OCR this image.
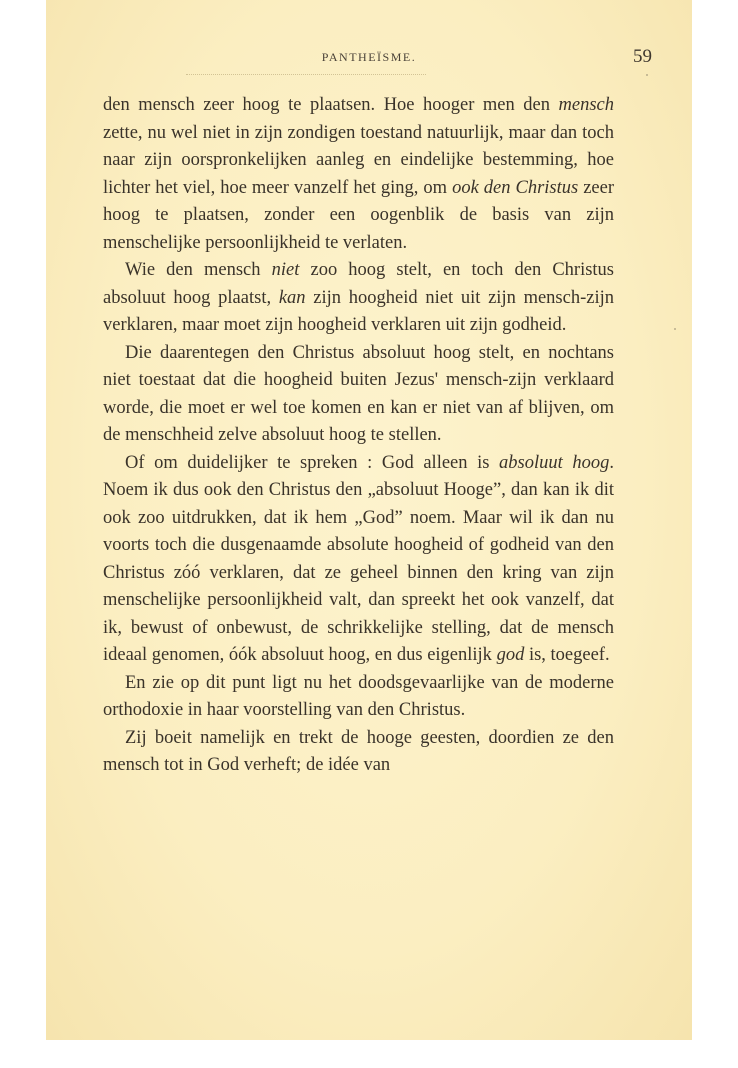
PANTHEÏSME.	59

den mensch zeer hoog te plaatsen. Hoe hooger men den mensch zette, nu wel niet in zijn zondigen toestand natuurlijk, maar dan toch naar zijn oorspronkelijken aanleg en eindelijke bestemming, hoe lichter het viel, hoe meer vanzelf het ging, om ook den Christus zeer hoog te plaatsen, zonder een oogenblik de basis van zijn menschelijke persoonlijkheid te verlaten.

Wie den mensch niet zoo hoog stelt, en toch den Christus absoluut hoog plaatst, kan zijn hoogheid niet uit zijn mensch-zijn verklaren, maar moet zijn hoogheid verklaren uit zijn godheid.

Die daarentegen den Christus absoluut hoog stelt, en nochtans niet toestaat dat die hoogheid buiten Jezus' mensch-zijn verklaard worde, die moet er wel toe komen en kan er niet van af blijven, om de menschheid zelve absoluut hoog te stellen.

Of om duidelijker te spreken : God alleen is absoluut hoog. Noem ik dus ook den Christus den „absoluut Hooge”, dan kan ik dit ook zoo uitdrukken, dat ik hem „God” noem. Maar wil ik dan nu voorts toch die dusgenaamde absolute hoogheid of godheid van den Christus zóó verklaren, dat ze geheel binnen den kring van zijn menschelijke persoonlijkheid valt, dan spreekt het ook vanzelf, dat ik, bewust of onbewust, de schrikkelijke stelling, dat de mensch ideaal genomen, óók absoluut hoog, en dus eigenlijk god is, toegeef.

En zie op dit punt ligt nu het doodsgevaarlijke van de moderne orthodoxie in haar voorstelling van den Christus.

Zij boeit namelijk en trekt de hooge geesten, doordien ze den mensch tot in God verheft; de idée van
